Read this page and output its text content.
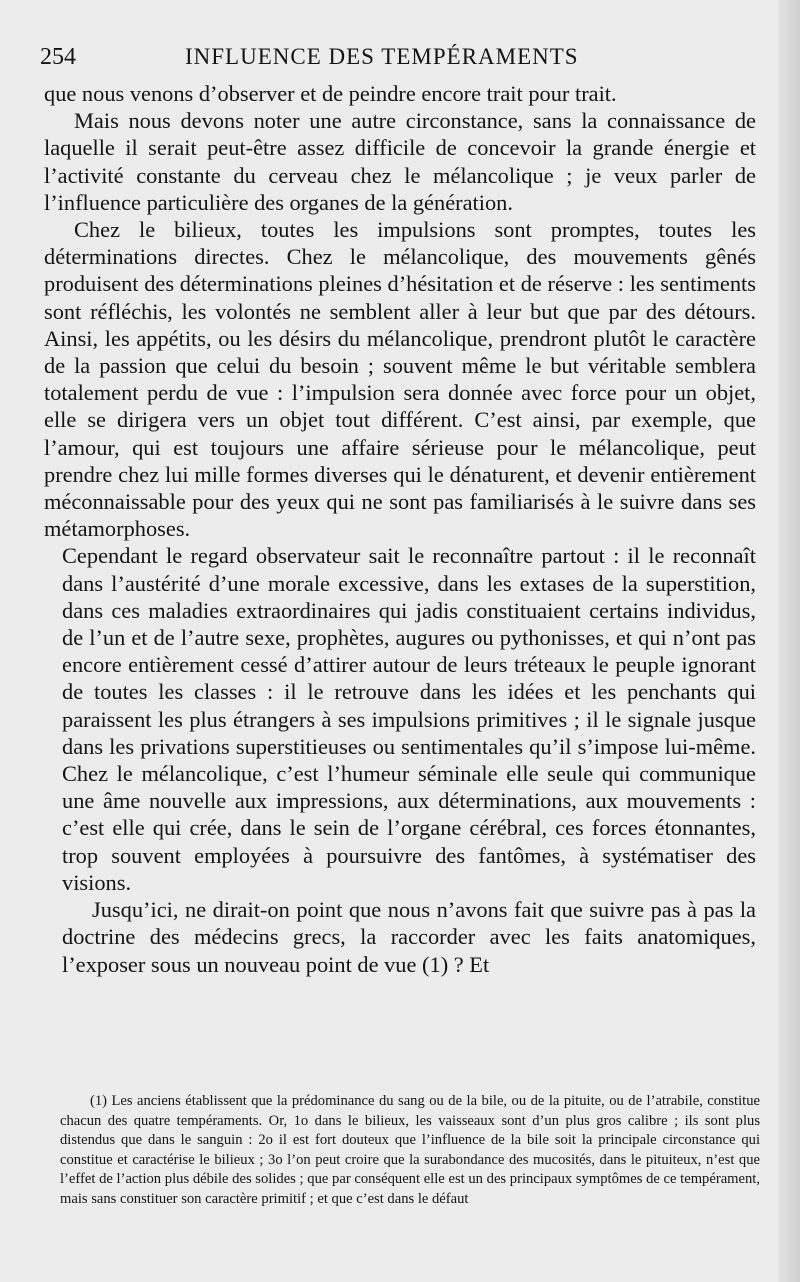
254	INFLUENCE DES TEMPÉRAMENTS

que nous venons d’observer et de peindre encore trait pour trait.

Mais nous devons noter une autre circonstance, sans la connaissance de laquelle il serait peut-être assez difficile de concevoir la grande énergie et l’activité constante du cerveau chez le mélancolique ; je veux parler de l’influence particulière des organes de la génération.

Chez le bilieux, toutes les impulsions sont promptes, toutes les déterminations directes. Chez le mélancolique, des mouvements gênés produisent des déterminations pleines d’hésitation et de réserve : les sentiments sont réfléchis, les volontés ne semblent aller à leur but que par des détours. Ainsi, les appétits, ou les désirs du mélancolique, prendront plutôt le caractère de la passion que celui du besoin ; souvent même le but véritable semblera totalement perdu de vue : l’impulsion sera donnée avec force pour un objet, elle se dirigera vers un objet tout différent. C’est ainsi, par exemple, que l’amour, qui est toujours une affaire sérieuse pour le mélancolique, peut prendre chez lui mille formes diverses qui le dénaturent, et devenir entièrement méconnaissable pour des yeux qui ne sont pas familiarisés à le suivre dans ses métamorphoses.

Cependant le regard observateur sait le reconnaître partout : il le reconnaît dans l’austérité d’une morale excessive, dans les extases de la superstition, dans ces maladies extraordinaires qui jadis constituaient certains individus, de l’un et de l’autre sexe, prophètes, augures ou pythonisses, et qui n’ont pas encore entièrement cessé d’attirer autour de leurs tréteaux le peuple ignorant de toutes les classes : il le retrouve dans les idées et les penchants qui paraissent les plus étrangers à ses impulsions primitives ; il le signale jusque dans les privations superstitieuses ou sentimentales qu’il s’impose lui-même. Chez le mélancolique, c’est l’humeur séminale elle seule qui communique une âme nouvelle aux impressions, aux déterminations, aux mouvements : c’est elle qui crée, dans le sein de l’organe cérébral, ces forces étonnantes, trop souvent employées à poursuivre des fantômes, à systématiser des visions.

Jusqu’ici, ne dirait-on point que nous n’avons fait que suivre pas à pas la doctrine des médecins grecs, la raccorder avec les faits anatomiques, l’exposer sous un nouveau point de vue (1) ? Et

(1) Les anciens établissent que la prédominance du sang ou de la bile, ou de la pituite, ou de l’atrabile, constitue chacun des quatre tempéraments. Or, 1o dans le bilieux, les vaisseaux sont d’un plus gros calibre ; ils sont plus distendus que dans le sanguin : 2o il est fort douteux que l’influence de la bile soit la principale circonstance qui constitue et caractérise le bilieux ; 3o l’on peut croire que la surabondance des mucosités, dans le pituiteux, n’est que l’effet de l’action plus débile des solides ; que par conséquent elle est un des principaux symptômes de ce tempérament, mais sans constituer son caractère primitif ; et que c’est dans le défaut
